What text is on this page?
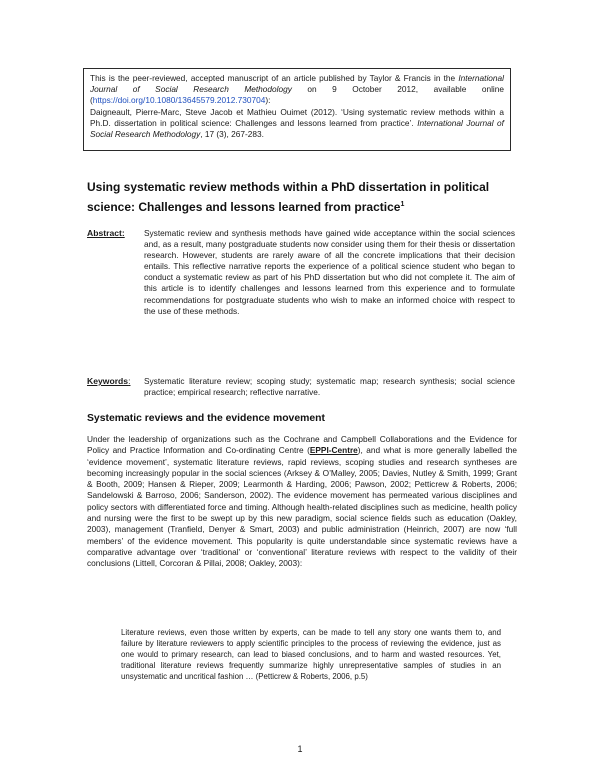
This is the peer-reviewed, accepted manuscript of an article published by Taylor & Francis in the International Journal of Social Research Methodology on 9 October 2012, available online (https://doi.org/10.1080/13645579.2012.730704):

Daigneault, Pierre-Marc, Steve Jacob et Mathieu Ouimet (2012). ‘Using systematic review methods within a Ph.D. dissertation in political science: Challenges and lessons learned from practice’. International Journal of Social Research Methodology, 17 (3), 267-283.

Using systematic review methods within a PhD dissertation in political science: Challenges and lessons learned from practice$^1$
Abstract: Systematic review and synthesis methods have gained wide acceptance within the social sciences and, as a result, many postgraduate students now consider using them for their thesis or dissertation research. However, students are rarely aware of all the concrete implications that their decision entails. This reflective narrative reports the experience of a political science student who began to conduct a systematic review as part of his PhD dissertation but who did not complete it. The aim of this article is to identify challenges and lessons learned from this experience and to formulate recommendations for postgraduate students who wish to make an informed choice with respect to the use of these methods.
Keywords: Systematic literature review; scoping study; systematic map; research synthesis; social science practice; empirical research; reflective narrative.
Systematic reviews and the evidence movement
Under the leadership of organizations such as the Cochrane and Campbell Collaborations and the Evidence for Policy and Practice Information and Co-ordinating Centre (EPPI-Centre), and what is more generally labelled the ‘evidence movement’, systematic literature reviews, rapid reviews, scoping studies and research syntheses are becoming increasingly popular in the social sciences (Arksey & O’Malley, 2005; Davies, Nutley & Smith, 1999; Grant & Booth, 2009; Hansen & Rieper, 2009; Learmonth & Harding, 2006; Pawson, 2002; Petticrew & Roberts, 2006; Sandelowski & Barroso, 2006; Sanderson, 2002). The evidence movement has permeated various disciplines and policy sectors with differentiated force and timing. Although health-related disciplines such as medicine, health policy and nursing were the first to be swept up by this new paradigm, social science fields such as education (Oakley, 2003), management (Tranfield, Denyer & Smart, 2003) and public administration (Heinrich, 2007) are now ‘full members’ of the evidence movement. This popularity is quite understandable since systematic reviews have a comparative advantage over ‘traditional’ or ‘conventional’ literature reviews with respect to the validity of their conclusions (Littell, Corcoran & Pillai, 2008; Oakley, 2003):
Literature reviews, even those written by experts, can be made to tell any story one wants them to, and failure by literature reviewers to apply scientific principles to the process of reviewing the evidence, just as one would to primary research, can lead to biased conclusions, and to harm and wasted resources. Yet, traditional literature reviews frequently summarize highly unrepresentative samples of studies in an unsystematic and uncritical fashion … (Petticrew & Roberts, 2006, p.5)
1
